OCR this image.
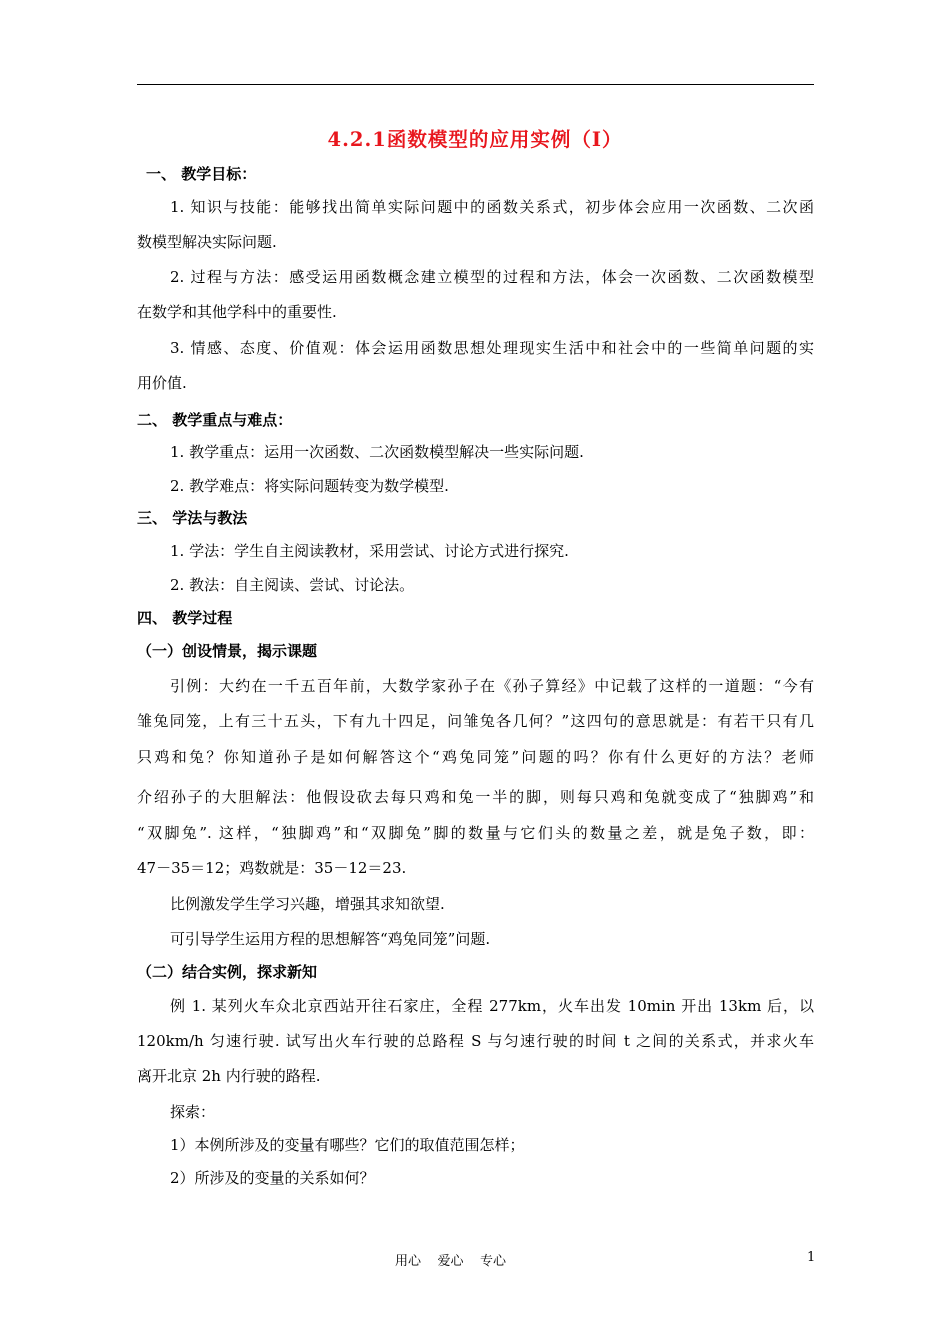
4.2.1函数模型的应用实例（Ⅰ）
一、 教学目标：
1. 知识与技能：能够找出简单实际问题中的函数关系式，初步体会应用一次函数、二次函
数模型解决实际问题.
2. 过程与方法：感受运用函数概念建立模型的过程和方法，体会一次函数、二次函数模型
在数学和其他学科中的重要性.
3. 情感、态度、价值观：体会运用函数思想处理现实生活中和社会中的一些简单问题的实
用价值.
二、 教学重点与难点：
1. 教学重点：运用一次函数、二次函数模型解决一些实际问题.
2. 教学难点：将实际问题转变为数学模型.
三、 学法与教法
1. 学法：学生自主阅读教材，采用尝试、讨论方式进行探究.
2. 教法：自主阅读、尝试、讨论法。
四、 教学过程
（一）创设情景，揭示课题
引例：大约在一千五百年前，大数学家孙子在《孙子算经》中记载了这样的一道题：“今有
雏兔同笼，上有三十五头，下有九十四足，问雏兔各几何？”这四句的意思就是：有若干只有几
只鸡和兔？你知道孙子是如何解答这个“鸡兔同笼”问题的吗？你有什么更好的方法？老师
介绍孙子的大胆解法：他假设砍去每只鸡和兔一半的脚，则每只鸡和兔就变成了“独脚鸡”和
“双脚兔”. 这样，“独脚鸡”和“双脚兔”脚的数量与它们头的数量之差，就是兔子数，即：
47－35＝12；鸡数就是：35－12＝23.
比例激发学生学习兴趣，增强其求知欲望.
可引导学生运用方程的思想解答“鸡兔同笼”问题.
（二）结合实例，探求新知
例 1. 某列火车众北京西站开往石家庄，全程 277km，火车出发 10min 开出 13km 后，以
120km/h 匀速行驶. 试写出火车行驶的总路程 S 与匀速行驶的时间 t 之间的关系式，并求火车
离开北京 2h 内行驶的路程.
探索：
1）本例所涉及的变量有哪些？它们的取值范围怎样；
2）所涉及的变量的关系如何？
用心    爱心    专心	1
